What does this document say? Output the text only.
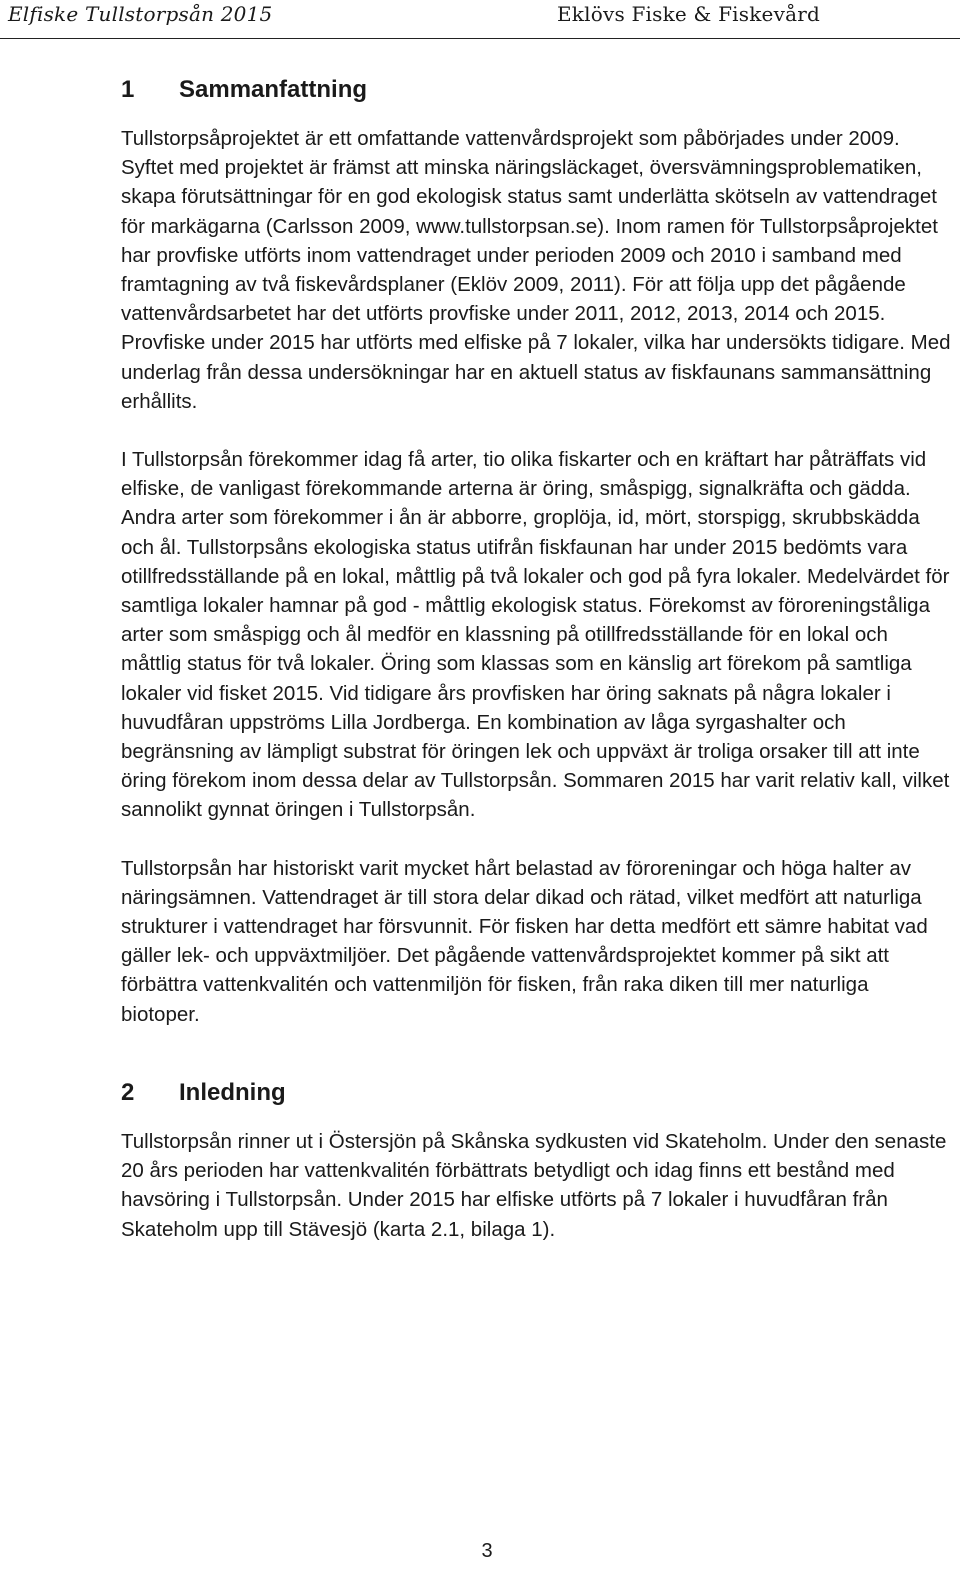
Elfiske Tullstorpsån 2015	Eklövs Fiske & Fiskevård
1	Sammanfattning

Tullstorpsåprojektet är ett omfattande vattenvårdsprojekt som påbörjades under 2009. Syftet med projektet är främst att minska näringsläckaget, översvämningsproblematiken, skapa förutsättningar för en god ekologisk status samt underlätta skötseln av vattendraget för markägarna (Carlsson 2009, www.tullstorpsan.se). Inom ramen för Tullstorpsåprojektet har provfiske utförts inom vattendraget under perioden 2009 och 2010 i samband med framtagning av två fiskevårdsplaner (Eklöv 2009, 2011). För att följa upp det pågående vattenvårdsarbetet har det utförts provfiske under 2011, 2012, 2013, 2014 och 2015. Provfiske under 2015 har utförts med elfiske på 7 lokaler, vilka har undersökts tidigare. Med underlag från dessa undersökningar har en aktuell status av fiskfaunans sammansättning erhållits.

I Tullstorpsån förekommer idag få arter, tio olika fiskarter och en kräftart har påträffats vid elfiske, de vanligast förekommande arterna är öring, småspigg, signalkräfta och gädda. Andra arter som förekommer i ån är abborre, groplöja, id, mört, storspigg, skrubbskädda och ål. Tullstorpsåns ekologiska status utifrån fiskfaunan har under 2015 bedömts vara otillfredsställande på en lokal, måttlig på två lokaler och god på fyra lokaler. Medelvärdet för samtliga lokaler hamnar på god - måttlig ekologisk status. Förekomst av föroreningståliga arter som småspigg och ål medför en klassning på otillfredsställande för en lokal och måttlig status för två lokaler. Öring som klassas som en känslig art förekom på samtliga lokaler vid fisket 2015. Vid tidigare års provfisken har öring saknats på några lokaler i huvudfåran uppströms Lilla Jordberga. En kombination av låga syrgashalter och begränsning av lämpligt substrat för öringen lek och uppväxt är troliga orsaker till att inte öring förekom inom dessa delar av Tullstorpsån. Sommaren 2015 har varit relativ kall, vilket sannolikt gynnat öringen i Tullstorpsån.

Tullstorpsån har historiskt varit mycket hårt belastad av föroreningar och höga halter av näringsämnen. Vattendraget är till stora delar dikad och rätad, vilket medfört att naturliga strukturer i vattendraget har försvunnit. För fisken har detta medfört ett sämre habitat vad gäller lek- och uppväxtmiljöer. Det pågående vattenvårdsprojektet kommer på sikt att förbättra vattenkvalitén och vattenmiljön för fisken, från raka diken till mer naturliga biotoper.

2	Inledning

Tullstorpsån rinner ut i Östersjön på Skånska sydkusten vid Skateholm. Under den senaste 20 års perioden har vattenkvalitén förbättrats betydligt och idag finns ett bestånd med havsöring i Tullstorpsån. Under 2015 har elfiske utförts på 7 lokaler i huvudfåran från Skateholm upp till Stävesjö (karta 2.1, bilaga 1).

3
